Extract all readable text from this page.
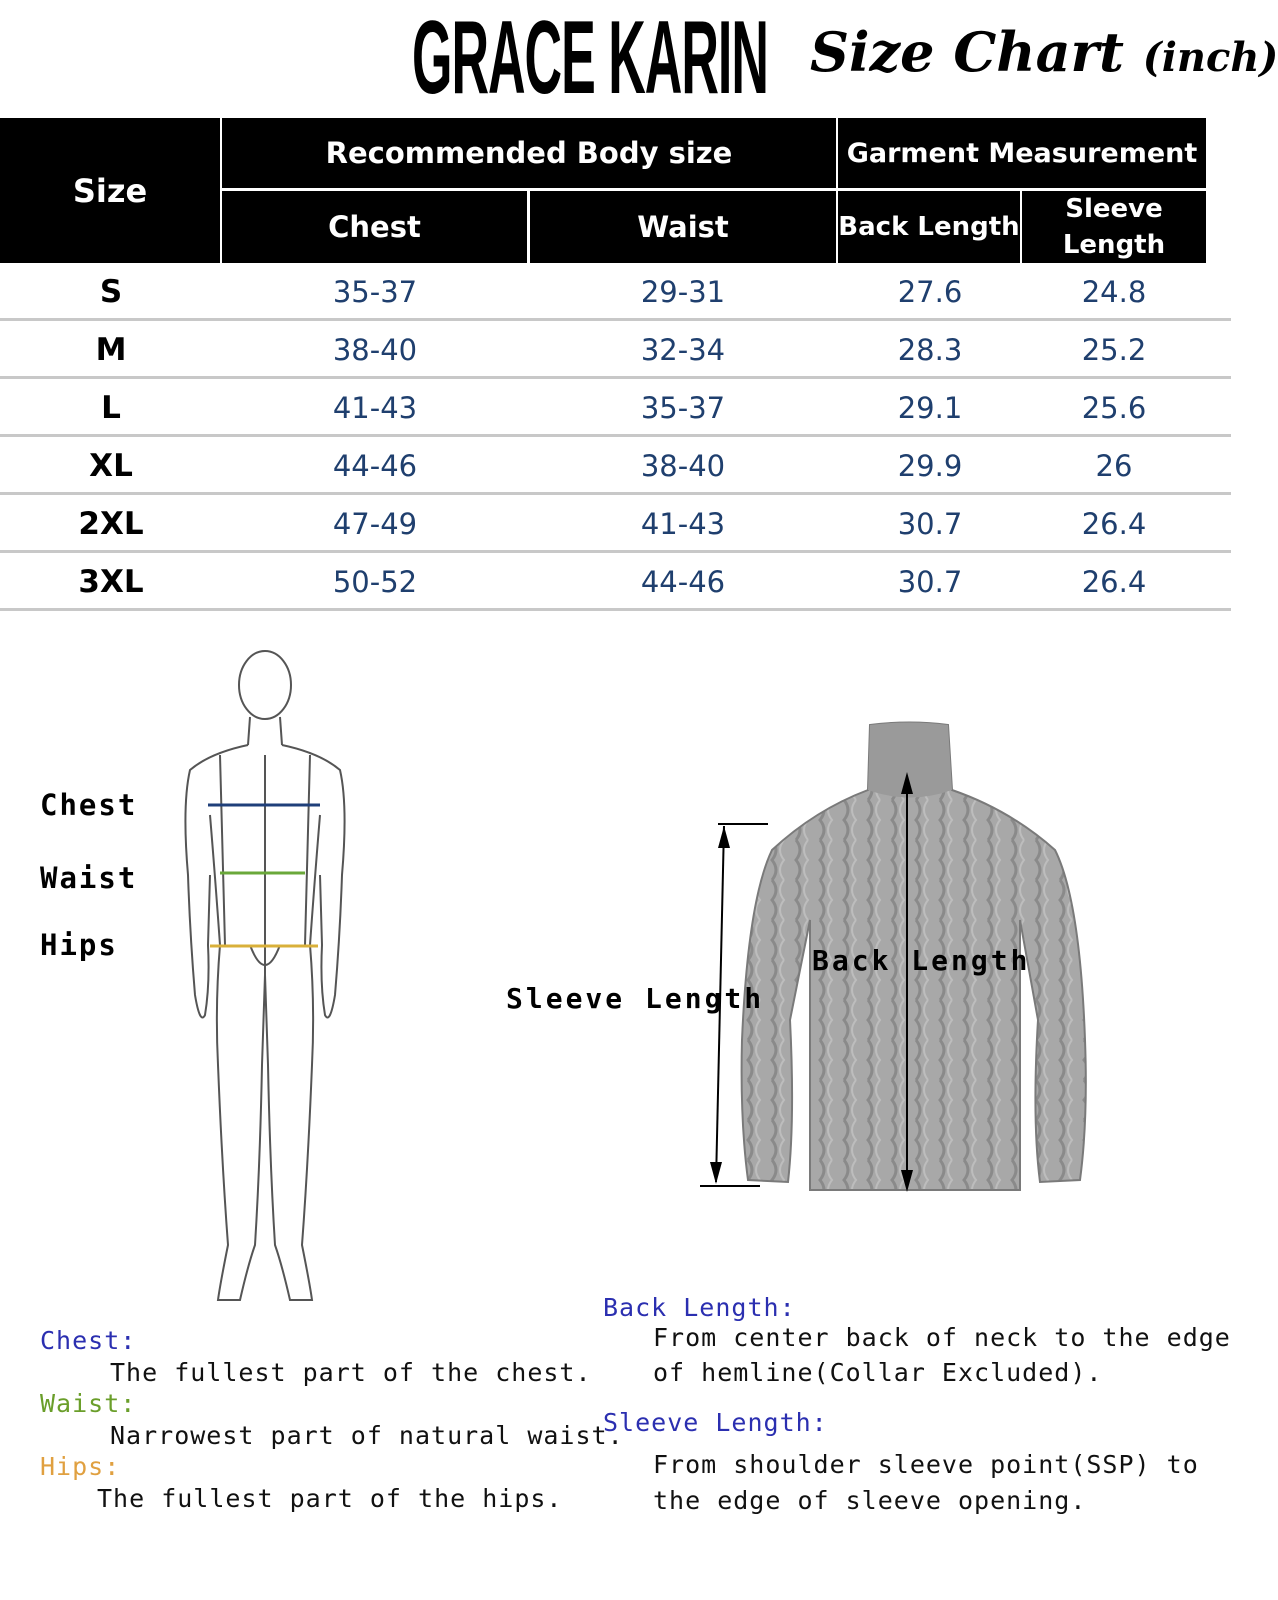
GRACE KARIN Size Chart (inch)
Size
Recommended Body size	Garment Measurement
Chest	Waist	Back Length
Sleeve Length
S	35-37	29-31	27.6	24.8
M	38-40	32-34	28.3	25.2
L	41-43	35-37	29.1	25.6
XL	44-46	38-40	29.9	26
2XL	47-49	41-43	30.7	26.4
3XL	50-52	44-46	30.7	26.4
Chest
Waist
Hips	Back Length
Sleeve Length
Chest:
The fullest part of the chest.
Waist:
Narrowest part of natural waist.
Hips:
The fullest part of the hips.
Back Length:
From center back of neck to the edge
of hemline(Collar Excluded).
Sleeve Length:
From shoulder sleeve point(SSP) to
the edge of sleeve opening.
